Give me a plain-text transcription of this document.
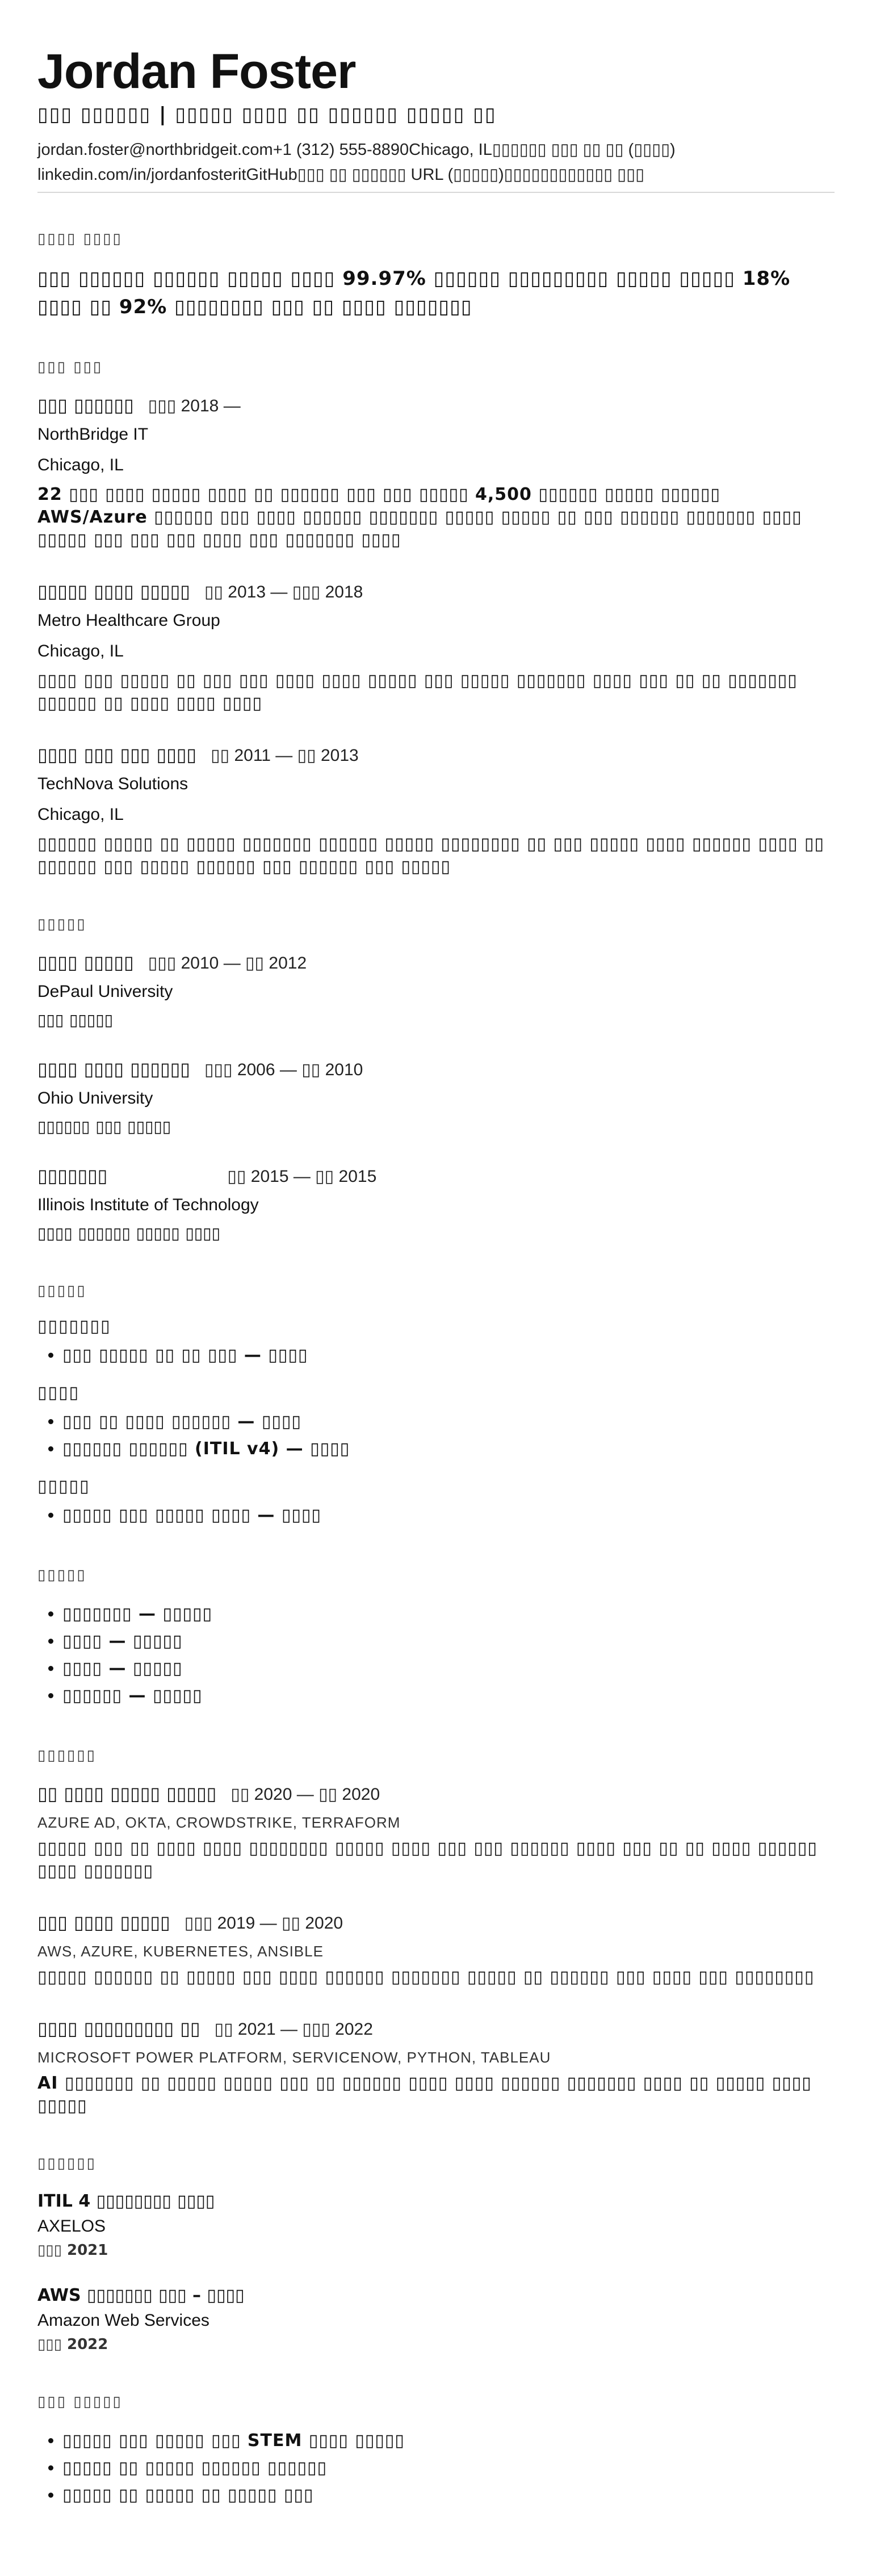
Jordan Foster
▯▯▯ ▯▯▯▯▯▯ | ▯▯▯▯▯ ▯▯▯▯ ▯▯ ▯▯▯▯▯▯ ▯▯▯▯▯ ▯▯
jordan.foster@northbridgeit.com +1 (312) 555-8890 Chicago, IL ▯▯▯▯▯▯ ▯▯▯ ▯▯ ▯▯ (▯▯▯▯)
linkedin.com/in/jordanfosterit GitHub ▯▯▯ ▯▯ ▯▯▯▯▯▯ URL (▯▯▯▯▯) ▯▯▯▯▯▯▯▯▯▯▯▯ ▯▯▯
▯▯▯▯ ▯▯▯▯
▯▯▯ ▯▯▯▯▯▯ ▯▯▯▯▯▯ ▯▯▯▯▯ ▯▯▯▯ 99.97% ▯▯▯▯▯▯ ▯▯▯▯▯▯▯▯▯ ▯▯▯▯▯ ▯▯▯▯▯ 18% ▯▯▯▯ ▯▯ 92% ▯▯▯▯▯▯▯▯ ▯▯▯ ▯▯ ▯▯▯▯ ▯▯▯▯▯▯▯
▯▯▯ ▯▯▯
▯▯▯ ▯▯▯▯▯▯ ▯▯▯ 2018 —
NorthBridge IT
Chicago, IL
22 ▯▯▯ ▯▯▯▯ ▯▯▯▯▯ ▯▯▯▯ ▯▯ ▯▯▯▯▯▯ ▯▯▯ ▯▯▯ ▯▯▯▯▯ 4,500 ▯▯▯▯▯▯ ▯▯▯▯▯ ▯▯▯▯▯▯ AWS/Azure ▯▯▯▯▯▯ ▯▯▯ ▯▯▯▯ ▯▯▯▯▯▯ ▯▯▯▯▯▯▯ ▯▯▯▯▯ ▯▯▯▯▯ ▯▯ ▯▯▯ ▯▯▯▯▯▯ ▯▯▯▯▯▯▯ ▯▯▯▯ ▯▯▯▯▯ ▯▯▯ ▯▯▯ ▯▯▯ ▯▯▯▯ ▯▯▯ ▯▯▯▯▯▯▯ ▯▯▯▯
▯▯▯▯▯ ▯▯▯▯ ▯▯▯▯▯ ▯▯ 2013 — ▯▯▯ 2018
Metro Healthcare Group
Chicago, IL
▯▯▯▯ ▯▯▯ ▯▯▯▯▯ ▯▯ ▯▯▯ ▯▯▯ ▯▯▯▯ ▯▯▯▯ ▯▯▯▯▯ ▯▯▯ ▯▯▯▯▯ ▯▯▯▯▯▯▯ ▯▯▯▯ ▯▯▯ ▯▯ ▯▯ ▯▯▯▯▯▯▯ ▯▯▯▯▯▯ ▯▯ ▯▯▯▯ ▯▯▯▯ ▯▯▯▯
▯▯▯▯ ▯▯▯ ▯▯▯ ▯▯▯▯ ▯▯ 2011 — ▯▯ 2013
TechNova Solutions
Chicago, IL
▯▯▯▯▯▯ ▯▯▯▯▯ ▯▯ ▯▯▯▯▯ ▯▯▯▯▯▯▯ ▯▯▯▯▯▯ ▯▯▯▯▯ ▯▯▯▯▯▯▯▯ ▯▯ ▯▯▯ ▯▯▯▯▯ ▯▯▯▯ ▯▯▯▯▯▯ ▯▯▯▯ ▯▯ ▯▯▯▯▯▯ ▯▯▯ ▯▯▯▯▯ ▯▯▯▯▯▯ ▯▯▯ ▯▯▯▯▯▯ ▯▯▯ ▯▯▯▯▯
▯▯▯▯▯
▯▯▯▯ ▯▯▯▯▯ ▯▯▯ 2010 — ▯▯ 2012
DePaul University
▯▯▯ ▯▯▯▯▯
▯▯▯▯ ▯▯▯▯ ▯▯▯▯▯▯ ▯▯▯ 2006 — ▯▯ 2010
Ohio University
▯▯▯▯▯▯ ▯▯▯ ▯▯▯▯▯
▯▯▯▯▯▯▯	▯▯ 2015 — ▯▯ 2015
Illinois Institute of Technology
▯▯▯▯ ▯▯▯▯▯▯ ▯▯▯▯▯ ▯▯▯▯
▯▯▯▯▯
▯▯▯▯▯▯▯
• ▯▯▯ ▯▯▯▯▯ ▯▯ ▯▯ ▯▯▯ — ▯▯▯▯
▯▯▯▯
• ▯▯▯ ▯▯ ▯▯▯▯ ▯▯▯▯▯▯ — ▯▯▯▯
• ▯▯▯▯▯▯ ▯▯▯▯▯▯ (ITIL v4) — ▯▯▯▯
▯▯▯▯▯
• ▯▯▯▯▯ ▯▯▯ ▯▯▯▯▯ ▯▯▯▯ — ▯▯▯▯
▯▯▯▯▯
• ▯▯▯▯▯▯▯ — ▯▯▯▯▯
• ▯▯▯▯ — ▯▯▯▯▯
• ▯▯▯▯ — ▯▯▯▯▯
• ▯▯▯▯▯▯ — ▯▯▯▯▯
▯▯▯▯▯▯
▯▯ ▯▯▯▯ ▯▯▯▯▯ ▯▯▯▯▯ ▯▯ 2020 — ▯▯ 2020
AZURE AD, OKTA, CROWDSTRIKE, TERRAFORM
▯▯▯▯▯ ▯▯▯ ▯▯ ▯▯▯▯ ▯▯▯▯ ▯▯▯▯▯▯▯▯ ▯▯▯▯▯ ▯▯▯▯ ▯▯▯ ▯▯▯ ▯▯▯▯▯▯ ▯▯▯▯ ▯▯▯ ▯▯ ▯▯ ▯▯▯▯ ▯▯▯▯▯▯ ▯▯▯▯ ▯▯▯▯▯▯▯
▯▯▯ ▯▯▯▯ ▯▯▯▯▯ ▯▯▯ 2019 — ▯▯ 2020
AWS, AZURE, KUBERNETES, ANSIBLE
▯▯▯▯▯ ▯▯▯▯▯▯ ▯▯ ▯▯▯▯▯ ▯▯▯ ▯▯▯▯ ▯▯▯▯▯▯ ▯▯▯▯▯▯▯ ▯▯▯▯▯ ▯▯ ▯▯▯▯▯▯ ▯▯▯ ▯▯▯▯ ▯▯▯ ▯▯▯▯▯▯▯▯
▯▯▯▯ ▯▯▯▯▯▯▯▯▯ ▯▯ ▯▯ 2021 — ▯▯▯ 2022
MICROSOFT POWER PLATFORM, SERVICENOW, PYTHON, TABLEAU
AI ▯▯▯▯▯▯▯ ▯▯ ▯▯▯▯▯ ▯▯▯▯▯ ▯▯▯ ▯▯ ▯▯▯▯▯▯ ▯▯▯▯ ▯▯▯▯ ▯▯▯▯▯▯ ▯▯▯▯▯▯▯ ▯▯▯▯ ▯▯ ▯▯▯▯▯ ▯▯▯▯ ▯▯▯▯▯
▯▯▯▯▯▯
ITIL 4 ▯▯▯▯▯▯▯▯ ▯▯▯▯
AXELOS
▯▯▯ 2021
AWS ▯▯▯▯▯▯▯ ▯▯▯ – ▯▯▯▯
Amazon Web Services
▯▯▯ 2022
▯▯▯ ▯▯▯▯▯
• ▯▯▯▯▯ ▯▯▯ ▯▯▯▯▯ ▯▯▯ STEM ▯▯▯▯ ▯▯▯▯▯
• ▯▯▯▯▯ ▯▯ ▯▯▯▯▯ ▯▯▯▯▯▯ ▯▯▯▯▯▯
• ▯▯▯▯▯ ▯▯ ▯▯▯▯▯ ▯▯ ▯▯▯▯▯ ▯▯▯
